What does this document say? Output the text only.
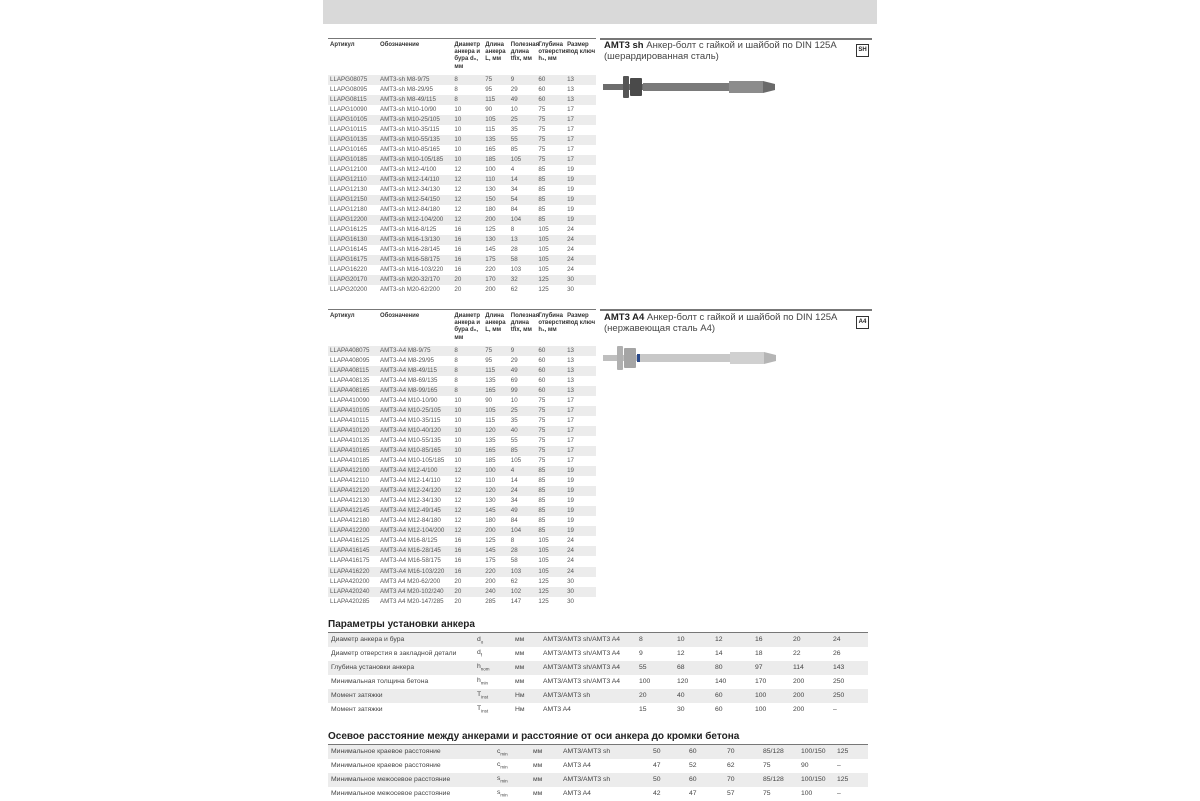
Артикул	Обозначение	Диаметр анкера и бура d₀, мм	Длина анкера L, мм	Полезная длина tfix, мм	Глубина отверстия h₁, мм	Размер под ключ
LLAPG08075	AMT3-sh M8-9/75	8	75	9	60	13
LLAPG08095	AMT3-sh M8-29/95	8	95	29	60	13
LLAPG08115	AMT3-sh M8-49/115	8	115	49	60	13
LLAPG10090	AMT3-sh M10-10/90	10	90	10	75	17
LLAPG10105	AMT3-sh M10-25/105	10	105	25	75	17
LLAPG10115	AMT3-sh M10-35/115	10	115	35	75	17
LLAPG10135	AMT3-sh M10-55/135	10	135	55	75	17
LLAPG10165	AMT3-sh M10-85/165	10	165	85	75	17
LLAPG10185	AMT3-sh M10-105/185	10	185	105	75	17
LLAPG12100	AMT3-sh M12-4/100	12	100	4	85	19
LLAPG12110	AMT3-sh M12-14/110	12	110	14	85	19
LLAPG12130	AMT3-sh M12-34/130	12	130	34	85	19
LLAPG12150	AMT3-sh M12-54/150	12	150	54	85	19
LLAPG12180	AMT3-sh M12-84/180	12	180	84	85	19
LLAPG12200	AMT3-sh M12-104/200	12	200	104	85	19
LLAPG16125	AMT3-sh M16-8/125	16	125	8	105	24
LLAPG16130	AMT3-sh M16-13/130	16	130	13	105	24
LLAPG16145	AMT3-sh M16-28/145	16	145	28	105	24
LLAPG16175	AMT3-sh M16-58/175	16	175	58	105	24
LLAPG16220	AMT3-sh M16-103/220	16	220	103	105	24
LLAPG20170	AMT3-sh M20-32/170	20	170	32	125	30
LLAPG20200	AMT3-sh M20-62/200	20	200	62	125	30
AMT3 sh Анкер-болт с гайкой и шайбой по DIN 125A (шерардированная сталь)
SH
Артикул	Обозначение	Диаметр анкера и бура d₀, мм	Длина анкера L, мм	Полезная длина tfix, мм	Глубина отверстия h₁, мм	Размер под ключ
LLAPA408075	AMT3-A4 M8-9/75	8	75	9	60	13
LLAPA408095	AMT3-A4 M8-29/95	8	95	29	60	13
LLAPA408115	AMT3-A4 M8-49/115	8	115	49	60	13
LLAPA408135	AMT3-A4 M8-69/135	8	135	69	60	13
LLAPA408165	AMT3-A4 M8-99/165	8	165	99	60	13
LLAPA410090	AMT3-A4 M10-10/90	10	90	10	75	17
LLAPA410105	AMT3-A4 M10-25/105	10	105	25	75	17
LLAPA410115	AMT3-A4 M10-35/115	10	115	35	75	17
LLAPA410120	AMT3-A4 M10-40/120	10	120	40	75	17
LLAPA410135	AMT3-A4 M10-55/135	10	135	55	75	17
LLAPA410165	AMT3-A4 M10-85/165	10	165	85	75	17
LLAPA410185	AMT3-A4 M10-105/185	10	185	105	75	17
LLAPA412100	AMT3-A4 M12-4/100	12	100	4	85	19
LLAPA412110	AMT3-A4 M12-14/110	12	110	14	85	19
LLAPA412120	AMT3-A4 M12-24/120	12	120	24	85	19
LLAPA412130	AMT3-A4 M12-34/130	12	130	34	85	19
LLAPA412145	AMT3-A4 M12-49/145	12	145	49	85	19
LLAPA412180	AMT3-A4 M12-84/180	12	180	84	85	19
LLAPA412200	AMT3-A4 M12-104/200	12	200	104	85	19
LLAPA416125	AMT3-A4 M16-8/125	16	125	8	105	24
LLAPA416145	AMT3-A4 M16-28/145	16	145	28	105	24
LLAPA416175	AMT3-A4 M16-58/175	16	175	58	105	24
LLAPA416220	AMT3-A4 M16-103/220	16	220	103	105	24
LLAPA420200	AMT3 A4 M20-62/200	20	200	62	125	30
LLAPA420240	AMT3 A4 M20-102/240	20	240	102	125	30
LLAPA420285	AMT3 A4 M20-147/285	20	285	147	125	30
AMT3 A4 Анкер-болт с гайкой и шайбой по DIN 125A (нержавеющая сталь A4)
A4
Параметры установки анкера
Диаметр анкера и бура	$d_o$	мм	AMT3/AMT3 sh/AMT3 A4	8	10	12	16	20	24
Диаметр отверстия в закладной детали	$d_f$	мм	AMT3/AMT3 sh/AMT3 A4	9	12	14	18	22	26
Глубина установки анкера	$h_{nom}$	мм	AMT3/AMT3 sh/AMT3 A4	55	68	80	97	114	143
Минимальная толщина бетона	$h_{min}$	мм	AMT3/AMT3 sh/AMT3 A4	100	120	140	170	200	250
Момент затяжки	$T_{inst}$	Нм	AMT3/AMT3 sh	20	40	60	100	200	250
Момент затяжки	$T_{inst}$	Нм	AMT3 A4	15	30	60	100	200	–
Осевое расстояние между анкерами и расстояние от оси анкера до кромки бетона
Минимальное краевое расстояние	$c_{min}$	мм	AMT3/AMT3 sh	50	60	70	85/128	100/150	125
Минимальное краевое расстояние	$c_{min}$	мм	AMT3 A4	47	52	62	75	90	–
Минимальное межосевое расстояние	$s_{min}$	мм	AMT3/AMT3 sh	50	60	70	85/128	100/150	125
Минимальное межосевое расстояние	$s_{min}$	мм	AMT3 A4	42	47	57	75	100	–
